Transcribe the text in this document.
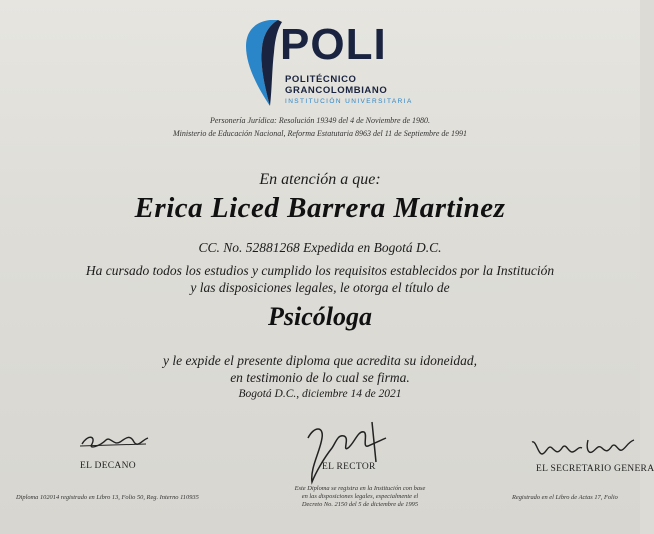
POLI
POLITÉCNICO
GRANCOLOMBIANO
INSTITUCIÓN UNIVERSITARIA
Personería Jurídica: Resolución 19349 del 4 de Noviembre de 1980.
Ministerio de Educación Nacional, Reforma Estatutaria 8963 del 11 de Septiembre de 1991
En atención a que:
Erica Liced Barrera Martinez
CC. No. 52881268 Expedida en Bogotá D.C.
Ha cursado todos los estudios y cumplido los requisitos establecidos por la Institución
y las disposiciones legales, le otorga el título de
Psicóloga
y le expide el presente diploma que acredita su idoneidad,
en testimonio de lo cual se firma.
Bogotá D.C., diciembre 14 de 2021
EL DECANO	EL RECTOR	EL SECRETARIO GENERA
Diploma 102014 registrado en Libro 13, Folio 50, Reg. Interno 110935
Este Diploma se registra en la Institución con base
en las disposiciones legales, especialmente el
Decreto No. 2150 del 5 de diciembre de 1995
Registrado en el Libro de Actas 17, Folio
